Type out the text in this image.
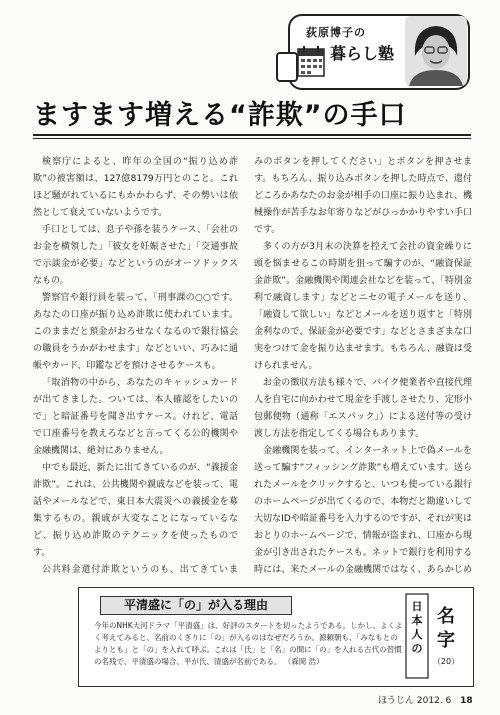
荻原博子の
暮らし塾
ますます増える“詐欺”の手口

検察庁によると、昨年の全国の“振り込め詐欺”の被害額は、127億8179万円とのこと。これほど騒がれているにもかかわらず、その勢いは依然として衰えていないようです。

手口としては、息子や孫を装うケース、「会社のお金を横領した」「彼女を妊娠させた」「交通事故で示談金が必要」などというのがオーソドックスなもの。

警察官や銀行員を装って、「刑事課の○○です。あなたの口座が振り込め詐欺に使われています。このままだと預金がおろせなくなるので銀行協会の職員をうかがわせます」などといい、巧みに通帳やカード、印鑑などを預けさせるケースも。

「取消物の中から、あなたのキャッシュカードが出てきました。ついては、本人確認をしたいので」と暗証番号を聞き出すケース。けれど、電話で口座番号を教えろなどと言ってくる公的機関や金融機関は、絶対にありません。

中でも最近、新たに出てきているのが、“義援金詐欺”。これは、公共機関や親戚などを装って、電話やメールなどで、東日本大震災への義援金を募集するもの。親戚が大変なことになっているなど、振り込め詐欺のテクニックを使ったものです。

公共料金還付詐欺というのも、出てきていま

みのボタンを押してください」とボタンを押させます。もちろん、振り込みボタンを押した時点で、還付どころかあなたのお金が相手の口座に振り込まれ、機械操作が苦手なお年寄りなどがひっかかりやすい手口です。

多くの方が3月末の決算を控えて会社の資金繰りに頭を悩ませるこの時期を狙って騙すのが、“融資保証金詐欺”。金融機関や関連会社などを装って、「特別金利で融資します」などとニセの電子メールを送り、「融資して欲しい」などとメールを送り返すと「特別金利なので、保証金が必要です」などとさまざまな口実をつけて金を振り込ませます。もちろん、融資は受けられません。

お金の徴収方法も様々で、バイク便業者や直接代理人を自宅に向かわせて現金を手渡しさせたり、定形小包郵便物（通称「エスパック」）による送付等の受け渡し方法を指定してくる場合もあります。

金融機関を装って、インターネット上で偽メールを送って騙す“フィッシング詐欺”も増えています。送られたメールをクリックすると、いつも使っている銀行のホームページが出てくるので、本物だと勘違いして大切なIDや暗証番号を入力するのですが、それが実はおとりのホームページで、情報が盗まれ、口座から現金が引き出されたケースも。ネットで銀行を利用する時には、来たメールの金融機関ではなく、あらかじめ

平清盛に「の」が入る理由
今年のNHK大河ドラマ「平清盛」は、好評のスタートを切ったようである。しかし、よくよく考えてみると、名前のくぎりに「の」が入るのはなぜだろうか。源頼朝も、「みなもとのよりとも」と「の」を入れて呼ぶ。これは「氏」と「名」の間に「の」を入れる古代の習慣の名残で、平清盛の場合、平が氏、清盛が名前である。 （森岡 浩）
日
本
人
の
名
字
（20）
ほうじん 2012. 6 18
